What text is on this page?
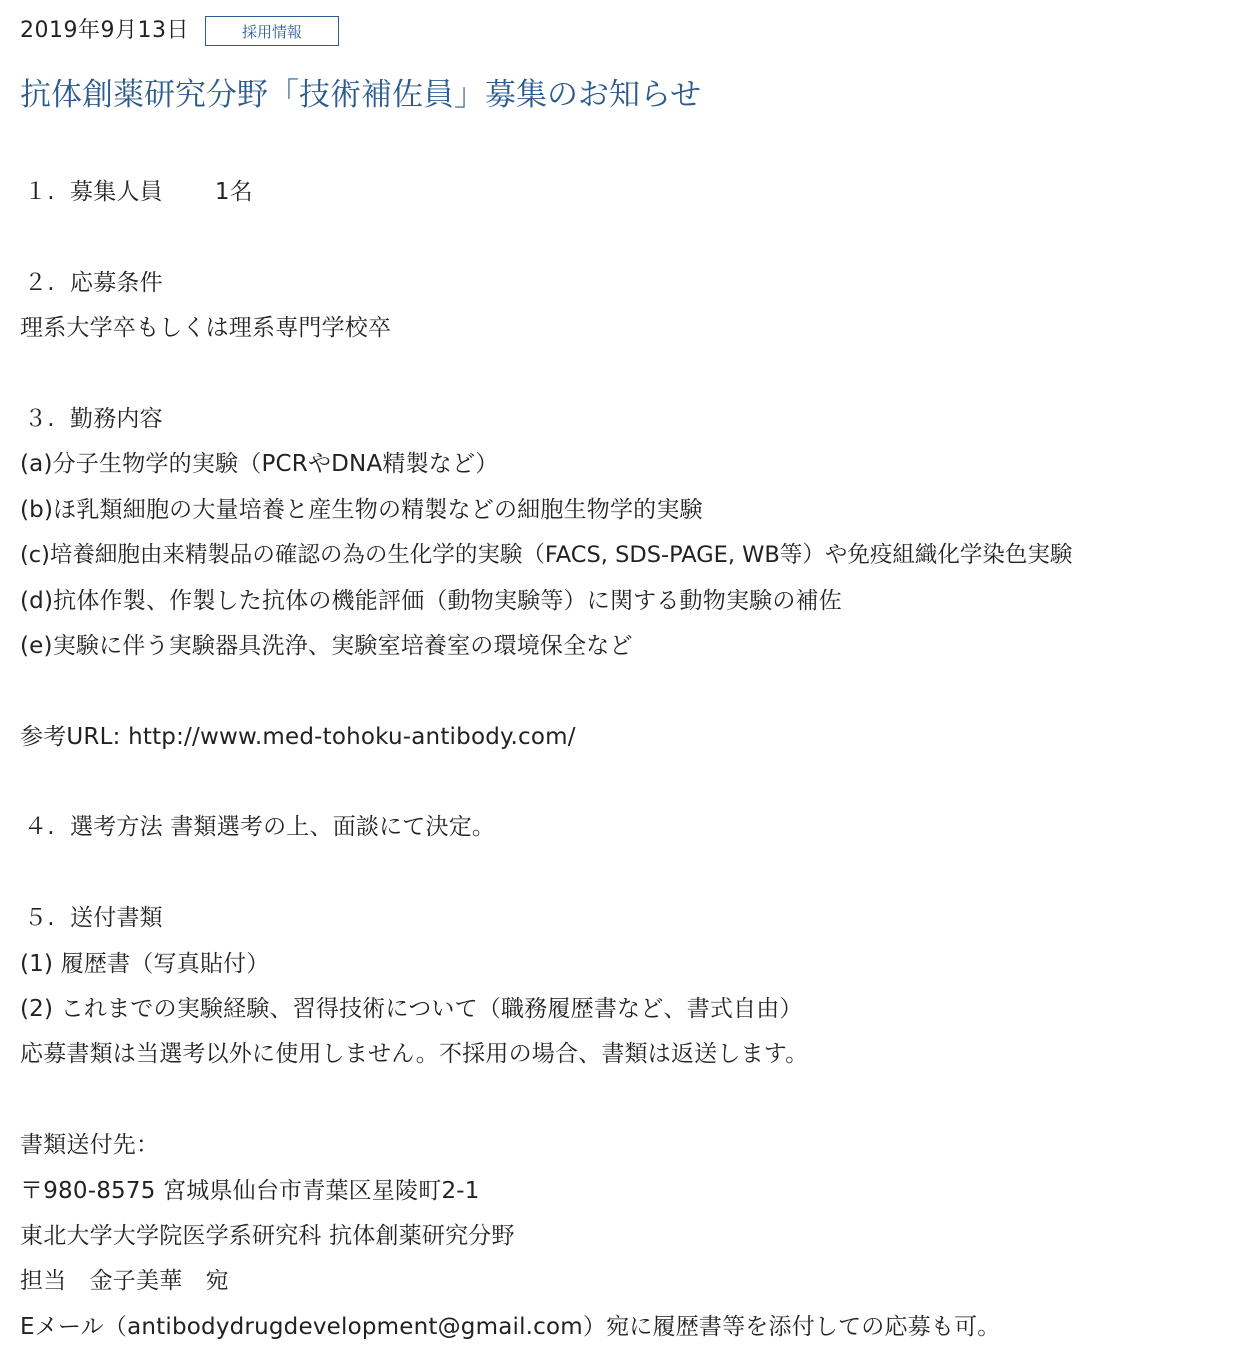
2019年9月13日	採用情報
抗体創薬研究分野「技術補佐員」募集のお知らせ
１. 募集人員 1名
２. 応募条件
理系大学卒もしくは理系専門学校卒
３. 勤務内容
(a)分子生物学的実験（PCRやDNA精製など）
(b)ほ乳類細胞の大量培養と産生物の精製などの細胞生物学的実験
(c)培養細胞由来精製品の確認の為の生化学的実験（FACS, SDS-PAGE, WB等）や免疫組織化学染色実験
(d)抗体作製、作製した抗体の機能評価（動物実験等）に関する動物実験の補佐
(e)実験に伴う実験器具洗浄、実験室培養室の環境保全など
参考URL: http://www.med-tohoku-antibody.com/
４. 選考方法 書類選考の上、面談にて決定。
５. 送付書類
(1) 履歴書（写真貼付）
(2) これまでの実験経験、習得技術について（職務履歴書など、書式自由）
応募書類は当選考以外に使用しません。不採用の場合、書類は返送します。
書類送付先：
〒980-8575 宮城県仙台市青葉区星陵町2-1
東北大学大学院医学系研究科 抗体創薬研究分野
担当　金子美華　宛
Eメール（antibodydrugdevelopment@gmail.com）宛に履歴書等を添付しての応募も可。
